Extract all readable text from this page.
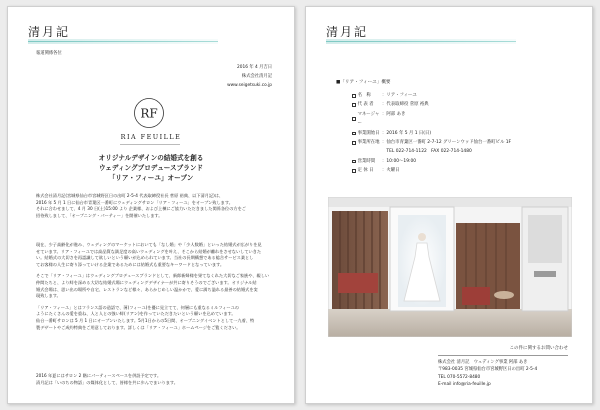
清月記
報道関係各位
2016 年 4 月吉日
株式会社清月記
www.seigetsuki.co.jp
RF
RIA FEUILLE
オリジナルデザインの結婚式を創る
ウェディングプロデュースブランド
「リア・フィーユ」オープン

株式会社清月記(宮城県仙台市宮城野区日の出町 2-5-4 代表取締役社長 菅原 裕典、以下清月記)は、
2016 年 5 月 1 日に仙台市青葉区一番町にウェディングサロン「リア・フィーユ」をオープン致します。
それに合わせまして、4 月 30 日(土)15:00 より 企業様、および上棟にご協力いただきました関係各位の方をご
招待致しまして、「オープニング・パーティー」を開催いたします。

現在、少子高齢化が進み、ウェディングのマーケットにおいても「なし婚」や「少人数婚」といった結婚式が広がりを見
せています。リア・フィーユでは高品質な満足度の高いウェディングを叶え、そこから結婚が離れをさせないしていきた
い。結婚式の大切さを再認識して欲しいという願いが込められています。当社の長期構想である総合サービス業とし
てお客様の人生に寄り添っていける企業であるためには結婚式も重要なキーワードとなっています。

そこで「リア・フィーユ」はウェディングプロデュースブランドとして、新郎新婦様を果てなくれた大切なご家族や、親しい
仲間たちと、より絆を深める大切な結婚式場にウェディングデザイナーが共に寄りそうのでございます。オリジナル結
婚式会場は、思い出の場所や自宅、レストランなど様々、あらかじめしい温かかで、愛に満ち溢れる最善の結婚式を実
現致します。

「リア・フィーユ」とはフランス語の造語で、薄(フィーユ)を優に見立てて、何層にも重なるミルフィーユの
ようにたくさんの愛を重ね、人と人との強い絆(リアン)を作っていただきたいという願いを込めています。
仙台一番町サロンは 5 月 1 日にオープンいたします。5月1日からの5日間、オープニングイベントとして一九着、特
製デザートやご成約特典をご用意しております。詳しくは「リア・フィーユ」ホームページをご覧ください。

2016 年夏にはサロン 2 階にパーティースペースを併設予定です。
清月記は「いのちの物語」の媒体化として、皆様を共に歩んでまいります。

清月記
■「リア・フィーユ」概要
名　称	：リア・フィーユ
代 表 者 ：代表取締役 菅原 裕典
マネージャー
：阿部 あき
事業開始日 ：2016 年 5 月 1 日(日)
事業所在地 ：仙台市青葉区一番町 2-7-12 グリーンウッド仙台一番町ビル 1F
　TEL 022-714-1122　FAX 022-714-1480
営業時間 ：10:00～19:00
定 休 日 ：火曜日
この件に関するお問い合わせ
株式会社 清月記　ウェディング事業 阿部 あき
〒983-0035 宮城県仙台市宮城野区日の出町 2-5-4
TEL 070-5572-8480
E-mail info@ria-feuille.jp
